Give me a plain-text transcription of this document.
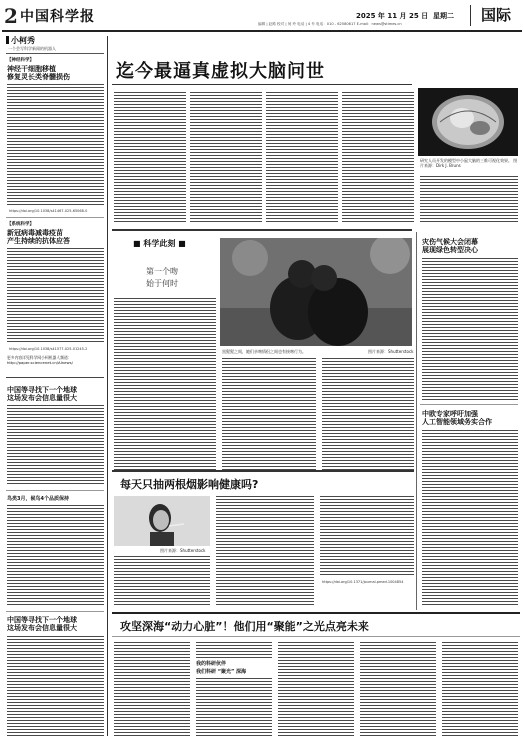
2 中国科学报	2025 年 11 月 25 日 星期二
编辑 | 赵路 校对 | 何 玲 电话 | 4 号 电话：010 - 62580617 E-mail：news@stimes.cn	国际
小柯秀
一个会写科学新闻的机器人
【神经科学】
神经干细胞移植
修复灵长类脊髓损伤
https://doi.org/10.1038/s41467-025-65068-0
【系统科学】
新冠病毒减毒疫苗
产生持续的抗体应答
https://doi.org/10.1038/s41577-025-01245-2
更多内容详见科学网小柯机器人频道：http://paper.sciencenet.cn/AInews/
中国等寻找下一个地球
这场发布会信息量很大
鸟类3月，候鸟4个品质保持
中国等寻找下一个地球
这场发布会信息量很大
迄今最逼真虚拟大脑问世
研究人员开发的模型中小鼠大脑的三维可视化效果。 图片来源：Dirk J. Bruns
■ 科学此刻 ■
第一个吻
始于何时
黑猩猩之间，她们亲吻情侣之间也有接吻行为。	图片来源：Shutterstock
灾伤气候大会闭幕
展现绿色转型决心
中欧专家呼吁加强
人工智能领域务实合作
每天只抽两根烟影响健康吗?
图片来源：Shutterstock
https://doi.org/10.1371/journal.pmed.1004854
攻坚深海“动力心脏”！他们用“聚能”之光点亮未来
我的科研伙伴
我们科研 “聚光” 深海
